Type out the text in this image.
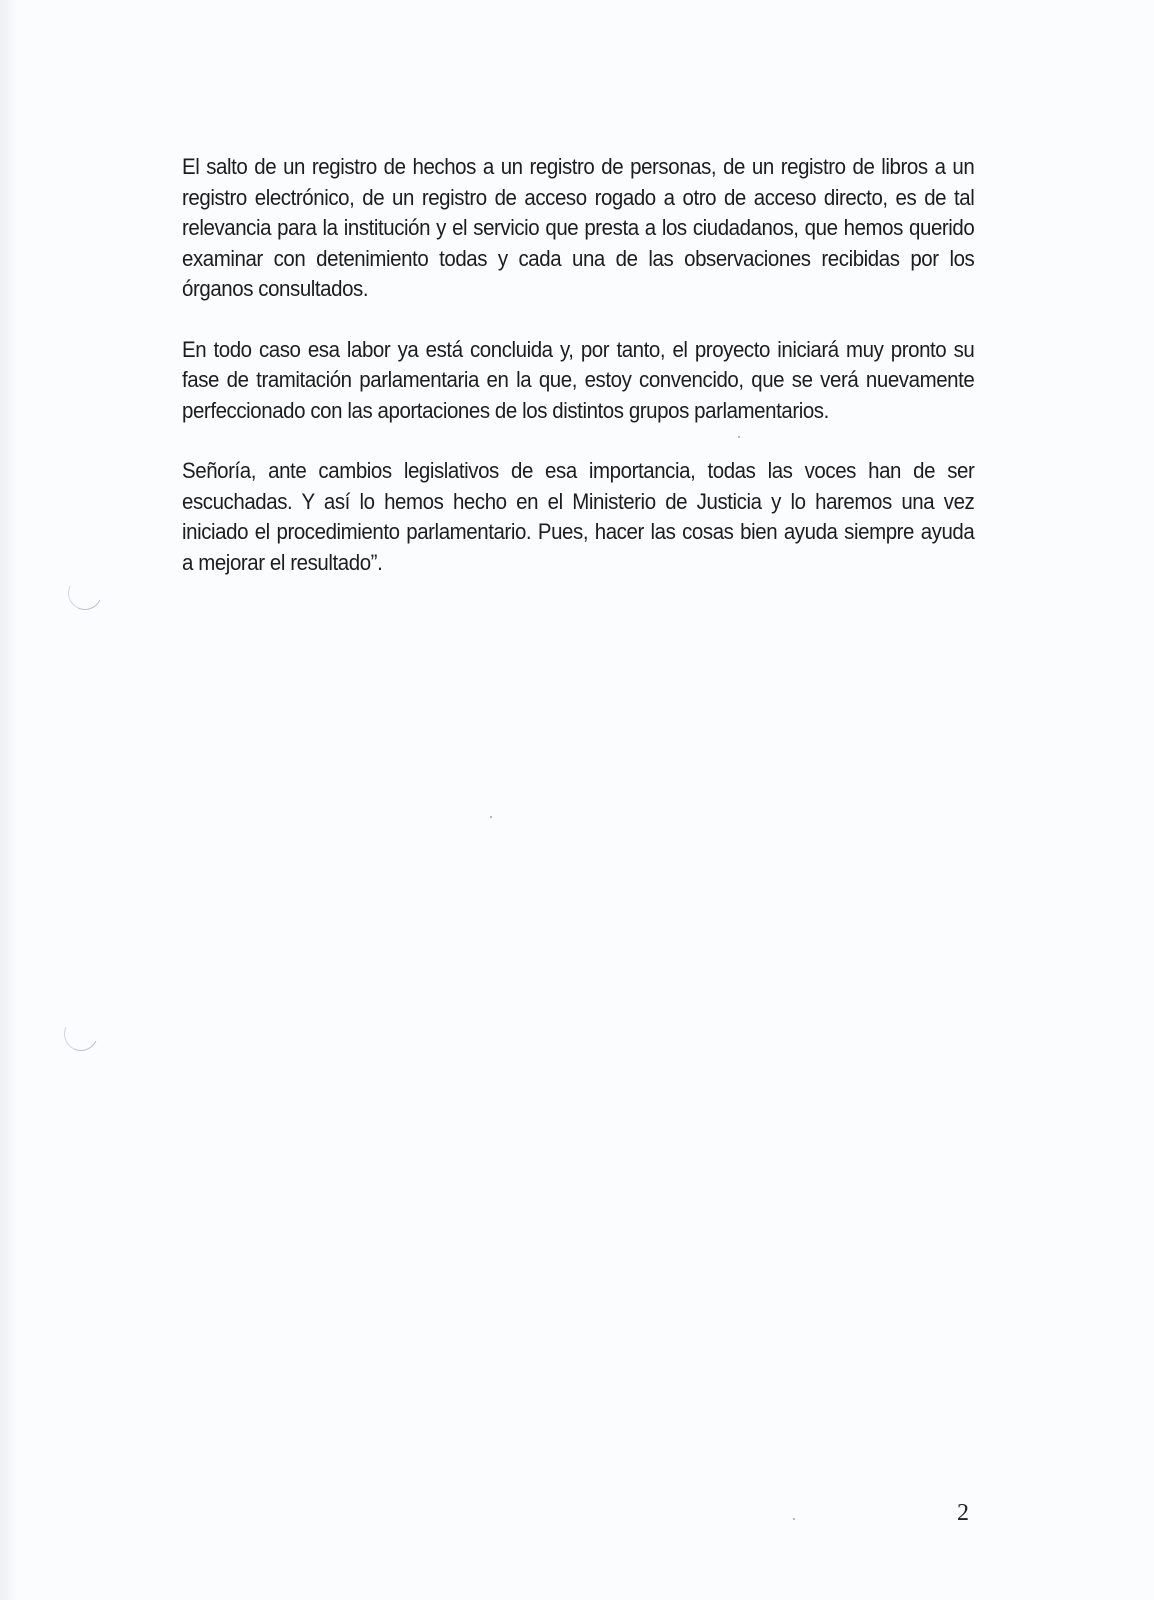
El salto de un registro de hechos a un registro de personas, de un registro de libros a un registro electrónico, de un registro de acceso rogado a otro de acceso directo, es de tal relevancia para la institución y el servicio que presta a los ciudadanos, que hemos querido examinar con detenimiento todas y cada una de las observaciones recibidas por los órganos consultados.

En todo caso esa labor ya está concluida y, por tanto, el proyecto iniciará muy pronto su fase de tramitación parlamentaria en la que, estoy convencido, que se verá nuevamente perfeccionado con las aportaciones de los distintos grupos parlamentarios.

Señoría, ante cambios legislativos de esa importancia, todas las voces han de ser escuchadas. Y así lo hemos hecho en el Ministerio de Justicia y lo haremos una vez iniciado el procedimiento parlamentario. Pues, hacer las cosas bien ayuda siempre ayuda a mejorar el resultado”.

2
